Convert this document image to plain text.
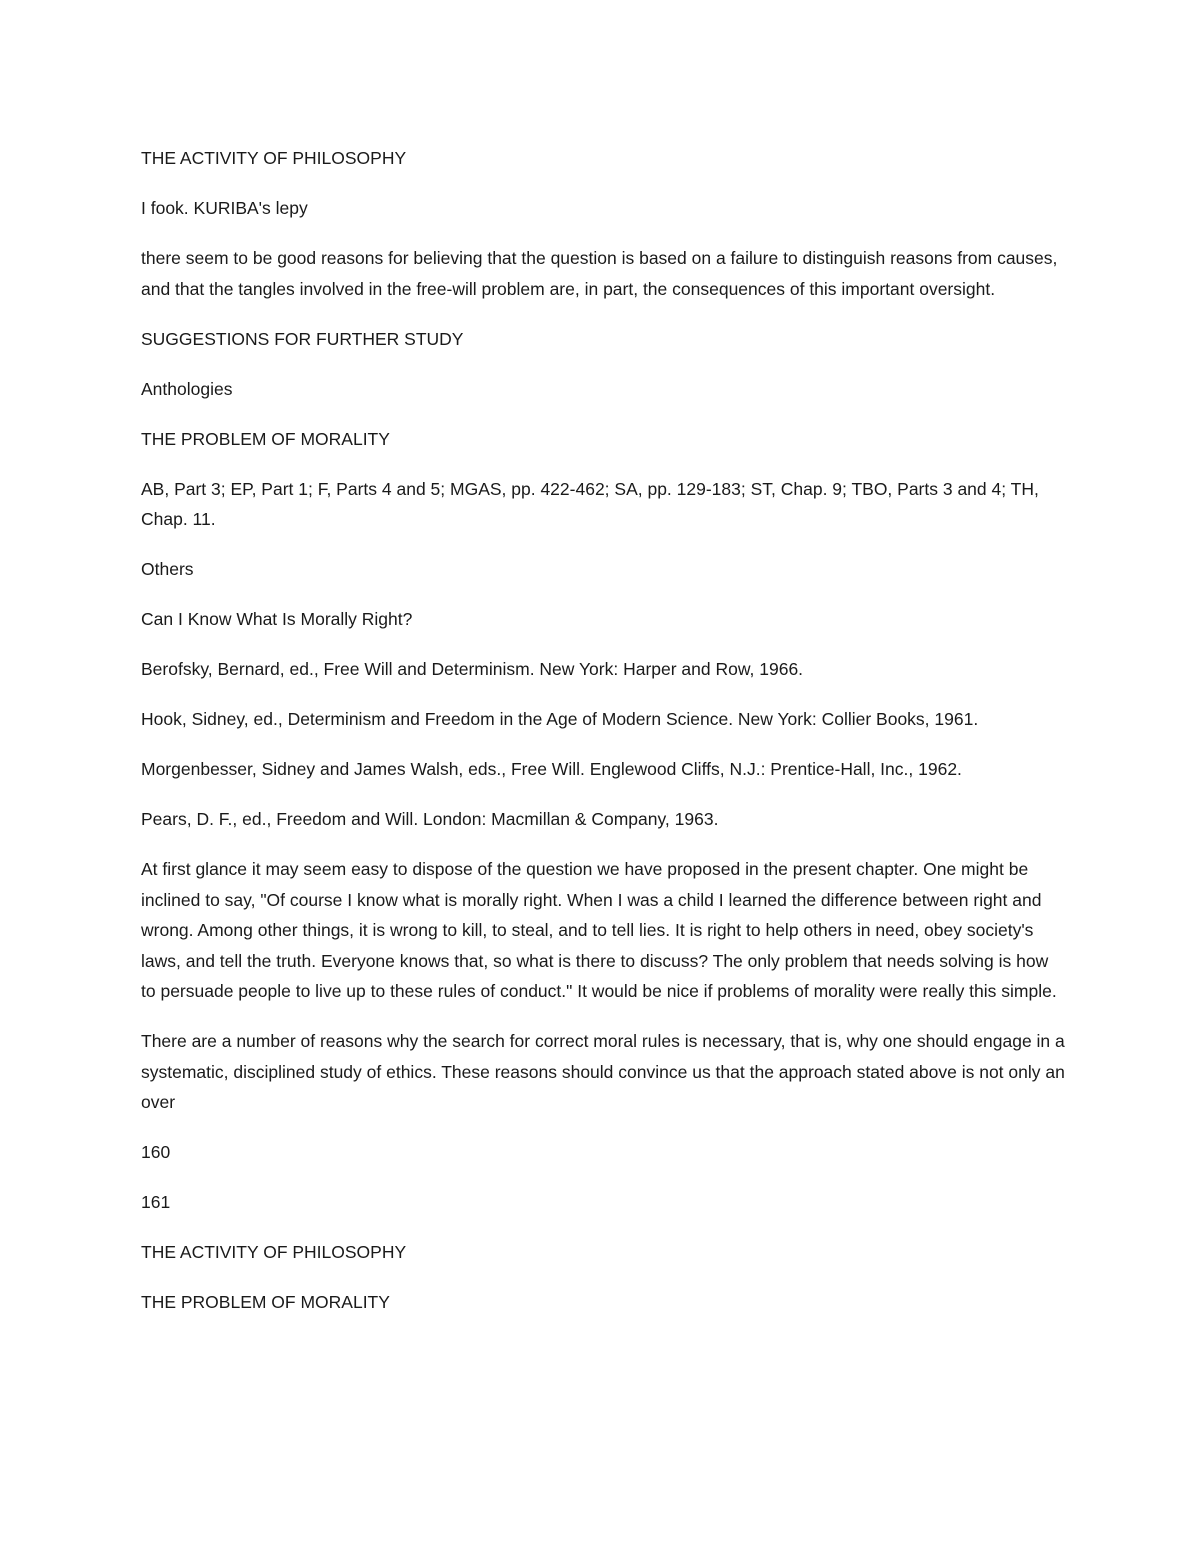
THE ACTIVITY OF PHILOSOPHY

I fook. KURIBA's lepy

there seem to be good reasons for believing that the question is based on a failure to distinguish reasons from causes, and that the tangles involved in the free-will problem are, in part, the consequences of this important oversight.

SUGGESTIONS FOR FURTHER STUDY

Anthologies

THE PROBLEM OF MORALITY

AB, Part 3; EP, Part 1; F, Parts 4 and 5; MGAS, pp. 422-462; SA, pp. 129-183; ST, Chap. 9; TBO, Parts 3 and 4; TH, Chap. 11.

Others

Can I Know What Is Morally Right?

Berofsky, Bernard, ed., Free Will and Determinism. New York: Harper and Row, 1966.

Hook, Sidney, ed., Determinism and Freedom in the Age of Modern Science. New York: Collier Books, 1961.

Morgenbesser, Sidney and James Walsh, eds., Free Will. Englewood Cliffs, N.J.: Prentice-Hall, Inc., 1962.

Pears, D. F., ed., Freedom and Will. London: Macmillan & Company, 1963.

At first glance it may seem easy to dispose of the question we have proposed in the present chapter. One might be inclined to say, "Of course I know what is morally right. When I was a child I learned the difference between right and wrong. Among other things, it is wrong to kill, to steal, and to tell lies. It is right to help others in need, obey society's laws, and tell the truth. Everyone knows that, so what is there to discuss? The only problem that needs solving is how to persuade people to live up to these rules of conduct." It would be nice if problems of morality were really this simple.

There are a number of reasons why the search for correct moral rules is necessary, that is, why one should engage in a systematic, disciplined study of ethics. These reasons should convince us that the approach stated above is not only an over

160

161

THE ACTIVITY OF PHILOSOPHY

THE PROBLEM OF MORALITY
